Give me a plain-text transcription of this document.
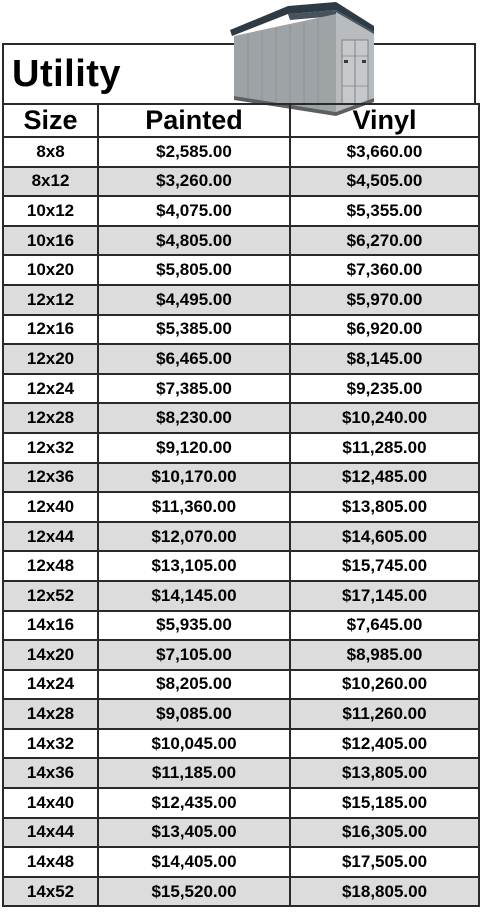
Utility
Size	Painted	Vinyl
8x8	$2,585.00	$3,660.00
8x12	$3,260.00	$4,505.00
10x12	$4,075.00	$5,355.00
10x16	$4,805.00	$6,270.00
10x20	$5,805.00	$7,360.00
12x12	$4,495.00	$5,970.00
12x16	$5,385.00	$6,920.00
12x20	$6,465.00	$8,145.00
12x24	$7,385.00	$9,235.00
12x28	$8,230.00	$10,240.00
12x32	$9,120.00	$11,285.00
12x36	$10,170.00	$12,485.00
12x40	$11,360.00	$13,805.00
12x44	$12,070.00	$14,605.00
12x48	$13,105.00	$15,745.00
12x52	$14,145.00	$17,145.00
14x16	$5,935.00	$7,645.00
14x20	$7,105.00	$8,985.00
14x24	$8,205.00	$10,260.00
14x28	$9,085.00	$11,260.00
14x32	$10,045.00	$12,405.00
14x36	$11,185.00	$13,805.00
14x40	$12,435.00	$15,185.00
14x44	$13,405.00	$16,305.00
14x48	$14,405.00	$17,505.00
14x52	$15,520.00	$18,805.00
